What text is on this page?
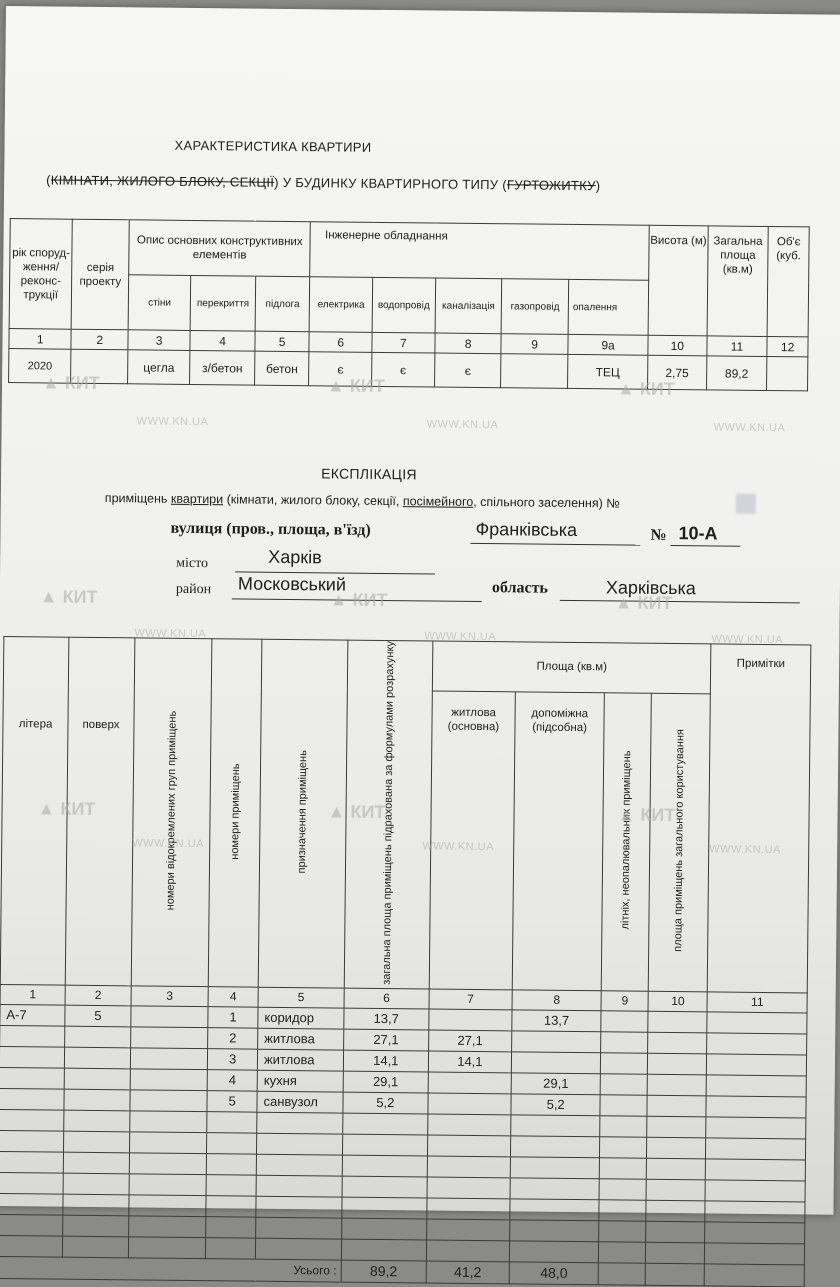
ХАРАКТЕРИСТИКА КВАРТИРИ
(КІМНАТИ, ЖИЛОГО БЛОКУ, СЕКЦІЇ) У БУДИНКУ КВАРТИРНОГО ТИПУ (ГУРТОЖИТКУ)
рік споруд-ження/ реконс-трукції	серія проекту	Опис основних конструктивних елементів			Інженерне обладнання					Висота (м)	Загальна площа (кв.м)	Об'є (куб.
		стіни	перекриття	підлога	електрика	водопровід	каналізація	газопровід	опалення			
1	2	3	4	5	6	7	8	9	9а	10	11	12
2020		цегла	з/бетон	бетон	є	є	є		ТЕЦ	2,75	89,2	
ЕКСПЛІКАЦІЯ
приміщень квартири (кімнати, жилого блоку, секції, посімейного, спільного заселення) №
вулиця (пров., площа, в'їзд)	Франківська	№ 10-А
місто	Харків
район Московський	область	Харківська
літера	поверх	номери відокремлених груп приміщень	номери приміщень	призначення приміщень	загальна площа приміщень підрахована за формулами розрахунку	Площа (кв.м)				Примітки
						житлова (основна)	допоміжна (підсобна)	літніх, неопалювальних приміщень	площа приміщень загального користування	
1	2	3	4	5	6	7	8	9	10	11
А-7	5		1	коридор	13,7		13,7			
			2	житлова	27,1	27,1				
			3	житлова	14,1	14,1				
			4	кухня	29,1		29,1			
			5	санвузол	5,2		5,2			

Усього :					89,2	41,2	48,0			
▲ КИТ	▲ КИТ	▲ КИТ
WWW.KN.UA	WWW.KN.UA	WWW.KN.UA
▲ КИТ	▲ КИТ	▲ КИТ
WWW.KN.UA	WWW.KN.UA	WWW.KN.UA
▲ КИТ	▲ КИТ	▲ КИТ
WWW.KN.UA	WWW.KN.UA	WWW.KN.UA
